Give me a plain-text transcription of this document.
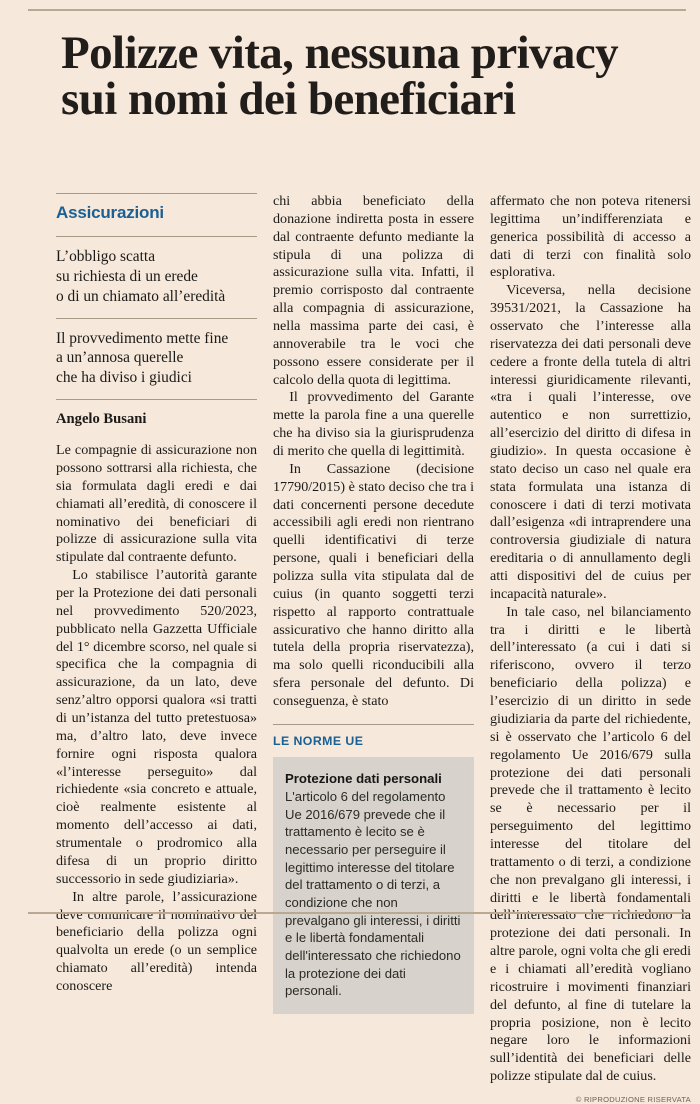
Polizze vita, nessuna privacy
sui nomi dei beneficiari
Assicurazioni
L’obbligo scatta
su richiesta di un erede
o di un chiamato all’eredità
Il provvedimento mette fine
a un’annosa querelle
che ha diviso i giudici
Angelo Busani

Le compagnie di assicurazione non possono sottrarsi alla richiesta, che sia formulata dagli eredi e dai chiamati all’eredità, di conoscere il nominativo dei beneficiari di polizze di assicurazione sulla vita stipulate dal contraente defunto.

Lo stabilisce l’autorità garante per la Protezione dei dati personali nel provvedimento 520/2023, pubblicato nella Gazzetta Ufficiale del 1° dicembre scorso, nel quale si specifica che la compagnia di assicurazione, da un lato, deve senz’altro opporsi qualora «si tratti di un’istanza del tutto pretestuosa» ma, d’altro lato, deve invece fornire ogni risposta qualora «l’interesse perseguito» dal richiedente «sia concreto e attuale, cioè realmente esistente al momento dell’accesso ai dati, strumentale o prodromico alla difesa di un proprio diritto successorio in sede giudiziaria».

In altre parole, l’assicurazione deve comunicare il nominativo del beneficiario della polizza ogni qualvolta un erede (o un semplice chiamato all’eredità) intenda conoscere

chi abbia beneficiato della donazione indiretta posta in essere dal contraente defunto mediante la stipula di una polizza di assicurazione sulla vita. Infatti, il premio corrisposto dal contraente alla compagnia di assicurazione, nella massima parte dei casi, è annoverabile tra le voci che possono essere considerate per il calcolo della quota di legittima.

Il provvedimento del Garante mette la parola fine a una querelle che ha diviso sia la giurisprudenza di merito che quella di legittimità.

In Cassazione (decisione 17790/2015) è stato deciso che tra i dati concernenti persone decedute accessibili agli eredi non rientrano quelli identificativi di terze persone, quali i beneficiari della polizza sulla vita stipulata dal de cuius (in quanto soggetti terzi rispetto al rapporto contrattuale assicurativo che hanno diritto alla tutela della propria riservatezza), ma solo quelli riconducibili alla sfera personale del defunto. Di conseguenza, è stato

LE NORME UE
Protezione dati personali
L'articolo 6 del regolamento Ue 2016/679 prevede che il trattamento è lecito se è necessario per perseguire il legittimo interesse del titolare del trattamento o di terzi, a condizione che non prevalgano gli interessi, i diritti e le libertà fondamentali dell'interessato che richiedono la protezione dei dati personali.

affermato che non poteva ritenersi legittima un’indifferenziata e generica possibilità di accesso a dati di terzi con finalità solo esplorativa.

Viceversa, nella decisione 39531/2021, la Cassazione ha osservato che l’interesse alla riservatezza dei dati personali deve cedere a fronte della tutela di altri interessi giuridicamente rilevanti, «tra i quali l’interesse, ove autentico e non surrettizio, all’esercizio del diritto di difesa in giudizio». In questa occasione è stato deciso un caso nel quale era stata formulata una istanza di conoscere i dati di terzi motivata dall’esigenza «di intraprendere una controversia giudiziale di natura ereditaria o di annullamento degli atti dispositivi del de cuius per incapacità naturale».

In tale caso, nel bilanciamento tra i diritti e le libertà dell’interessato (a cui i dati si riferiscono, ovvero il terzo beneficiario della polizza) e l’esercizio di un diritto in sede giudiziaria da parte del richiedente, si è osservato che l’articolo 6 del regolamento Ue 2016/679 sulla protezione dei dati personali prevede che il trattamento è lecito se è necessario per il perseguimento del legittimo interesse del titolare del trattamento o di terzi, a condizione che non prevalgano gli interessi, i diritti e le libertà fondamentali dell’interessato che richiedono la protezione dei dati personali. In altre parole, ogni volta che gli eredi e i chiamati all’eredità vogliano ricostruire i movimenti finanziari del defunto, al fine di tutelare la propria posizione, non è lecito negare loro le informazioni sull’identità dei beneficiari delle polizze stipulate dal de cuius.

© RIPRODUZIONE RISERVATA
